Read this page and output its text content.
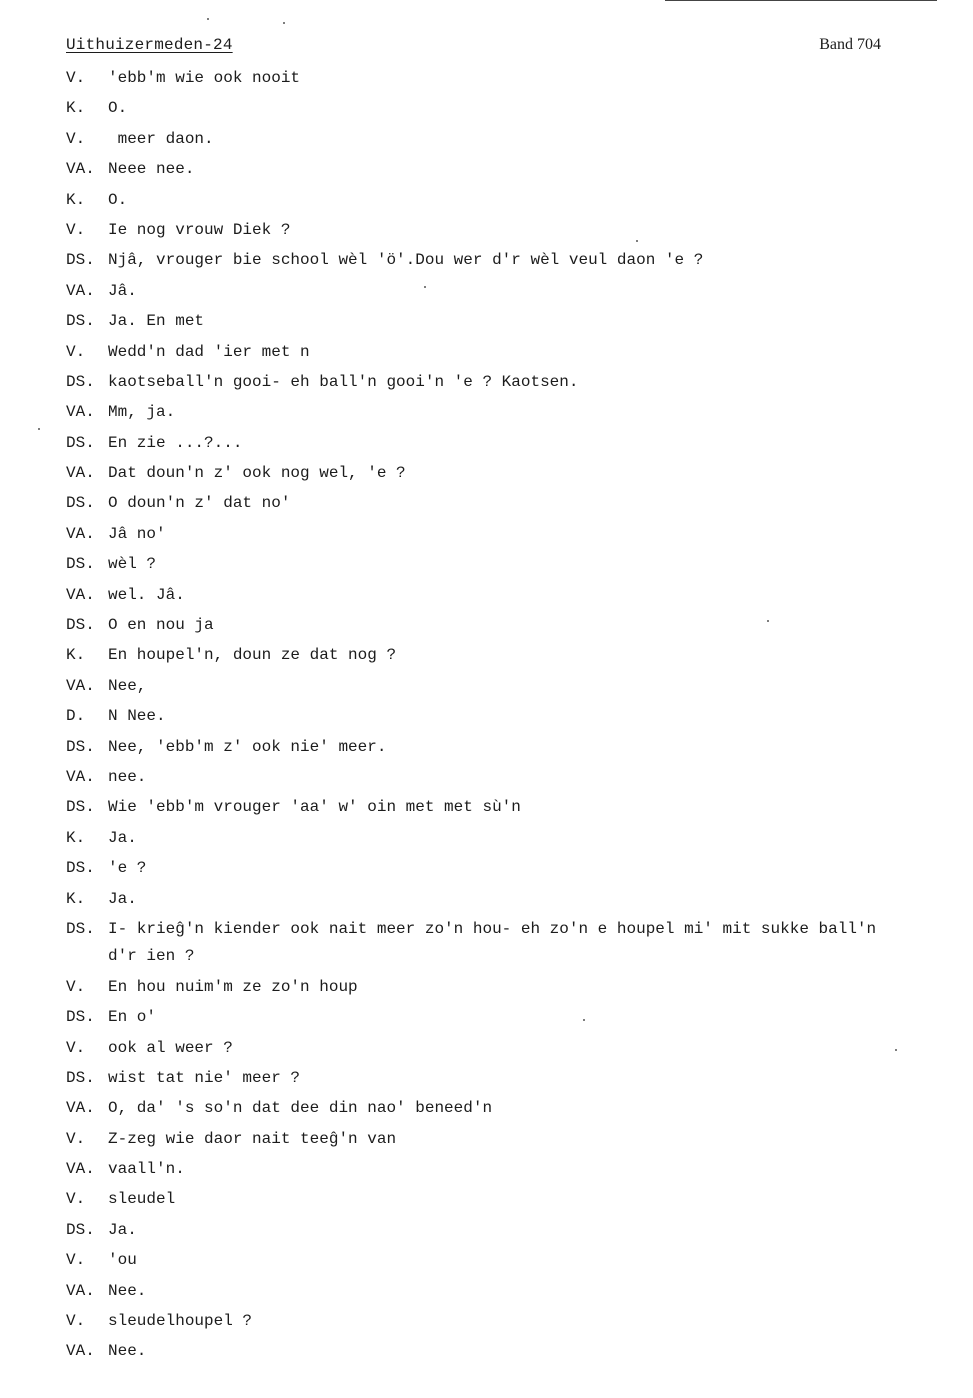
Uithuizermeden-24	Band 704
V. 'ebb'm wie ook nooit
K. O.
V. meer daon.
VA. Neee nee.
K. O.
V. Ie nog vrouw Diek ?
DS. Njâ, vrouger bie school wèl 'ö'.Dou wer d'r wèl veul daon 'e ?
VA. Jâ.
DS. Ja. En met
V. Wedd'n dad 'ier met n
DS. kaotseball'n gooi- eh ball'n gooi'n 'e ? Kaotsen.
VA. Mm, ja.
DS. En zie ...?...
VA. Dat doun'n z' ook nog wel, 'e ?
DS. O doun'n z' dat no'
VA. Jâ no'
DS. wèl ?
VA. wel. Jâ.
DS. O en nou ja
K. En houpel'n, doun ze dat nog ?
VA. Nee,
D. N Nee.
DS. Nee, 'ebb'm z' ook nie' meer.
VA. nee.
DS. Wie 'ebb'm vrouger 'aa' w' oin met met sù'n
K. Ja.
DS. 'e ?
K. Ja.
DS. I- krieĝ'n kiender ook nait meer zo'n hou- eh zo'n e houpel mi' mit sukke ball'n
d'r ien ?
V. En hou nuim'm ze zo'n houp
DS. En o'
V. ook al weer ?
DS. wist tat nie' meer ?
VA. O, da' 's so'n dat dee din nao' beneed'n
V. Z-zeg wie daor nait teeĝ'n van
VA. vaall'n.
V. sleudel
DS. Ja.
V. 'ou
VA. Nee.
V. sleudelhoupel ?
VA. Nee.
